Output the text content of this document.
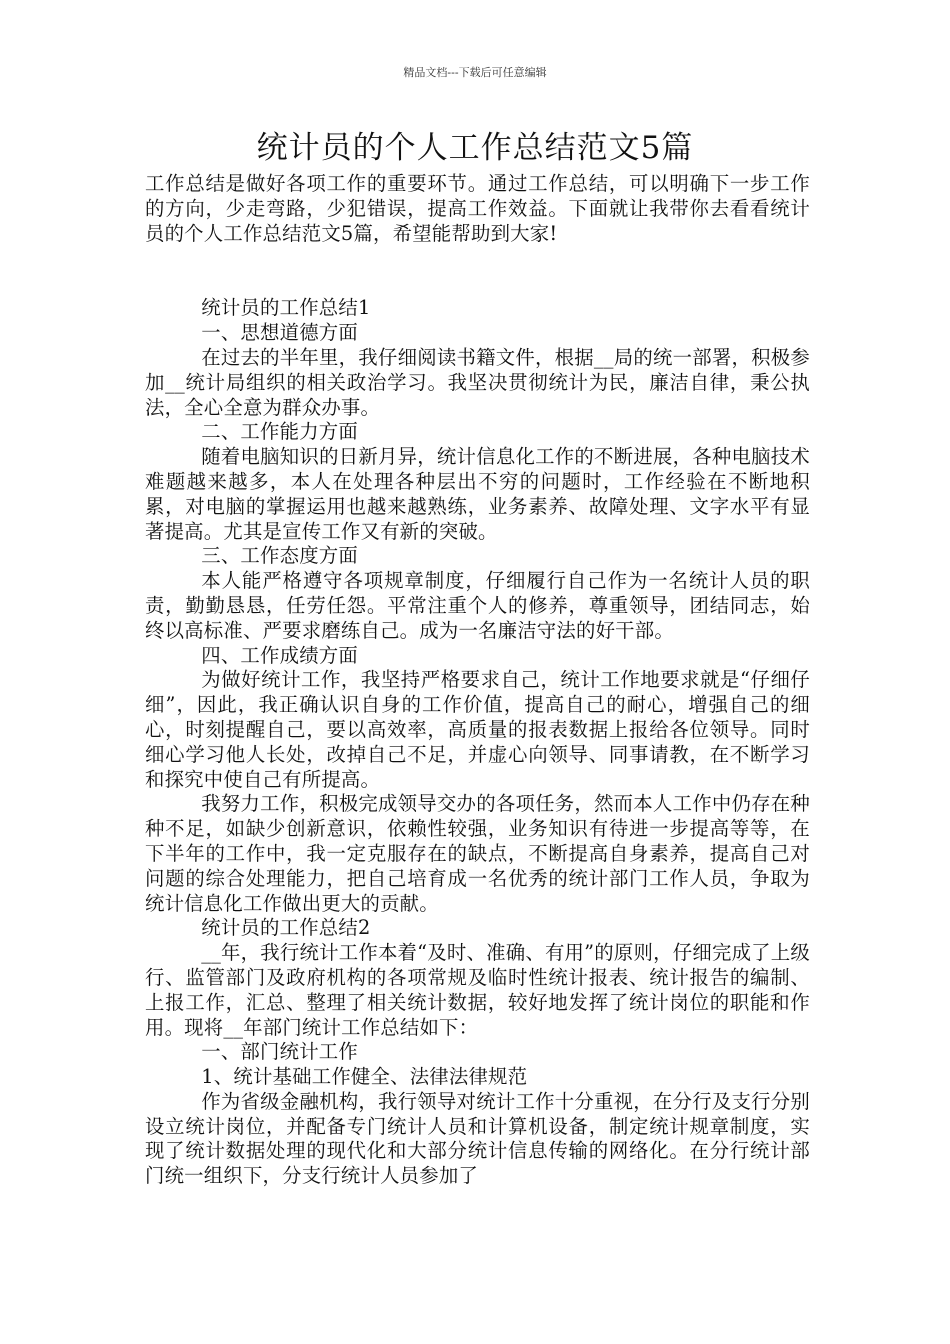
精品文档---下载后可任意编辑
统计员的个人工作总结范文5篇

工作总结是做好各项工作的重要环节。通过工作总结，可以明确下一步工作的方向，少走弯路，少犯错误，提高工作效益。下面就让我带你去看看统计员的个人工作总结范文5篇，希望能帮助到大家!

统计员的工作总结1

一、思想道德方面

在过去的半年里，我仔细阅读书籍文件，根据__局的统一部署，积极参加__统计局组织的相关政治学习。我坚决贯彻统计为民，廉洁自律，秉公执法，全心全意为群众办事。

二、工作能力方面

随着电脑知识的日新月异，统计信息化工作的不断进展，各种电脑技术难题越来越多，本人在处理各种层出不穷的问题时，工作经验在不断地积累，对电脑的掌握运用也越来越熟练，业务素养、故障处理、文字水平有显著提高。尤其是宣传工作又有新的突破。

三、工作态度方面

本人能严格遵守各项规章制度，仔细履行自己作为一名统计人员的职责，勤勤恳恳，任劳任怨。平常注重个人的修养，尊重领导，团结同志，始终以高标准、严要求磨练自己。成为一名廉洁守法的好干部。

四、工作成绩方面

为做好统计工作，我坚持严格要求自己，统计工作地要求就是“仔细仔细”，因此，我正确认识自身的工作价值，提高自己的耐心，增强自己的细心，时刻提醒自己，要以高效率，高质量的报表数据上报给各位领导。同时细心学习他人长处，改掉自己不足，并虚心向领导、同事请教，在不断学习和探究中使自己有所提高。

我努力工作，积极完成领导交办的各项任务，然而本人工作中仍存在种种不足，如缺少创新意识，依赖性较强，业务知识有待进一步提高等等，在下半年的工作中，我一定克服存在的缺点，不断提高自身素养，提高自己对问题的综合处理能力，把自己培育成一名优秀的统计部门工作人员，争取为统计信息化工作做出更大的贡献。

统计员的工作总结2

__年，我行统计工作本着“及时、准确、有用”的原则，仔细完成了上级行、监管部门及政府机构的各项常规及临时性统计报表、统计报告的编制、上报工作，汇总、整理了相关统计数据，较好地发挥了统计岗位的职能和作用。现将__年部门统计工作总结如下：

一、部门统计工作

1、统计基础工作健全、法律法律规范

作为省级金融机构，我行领导对统计工作十分重视，在分行及支行分别设立统计岗位，并配备专门统计人员和计算机设备，制定统计规章制度，实现了统计数据处理的现代化和大部分统计信息传输的网络化。在分行统计部门统一组织下，分支行统计人员参加了
